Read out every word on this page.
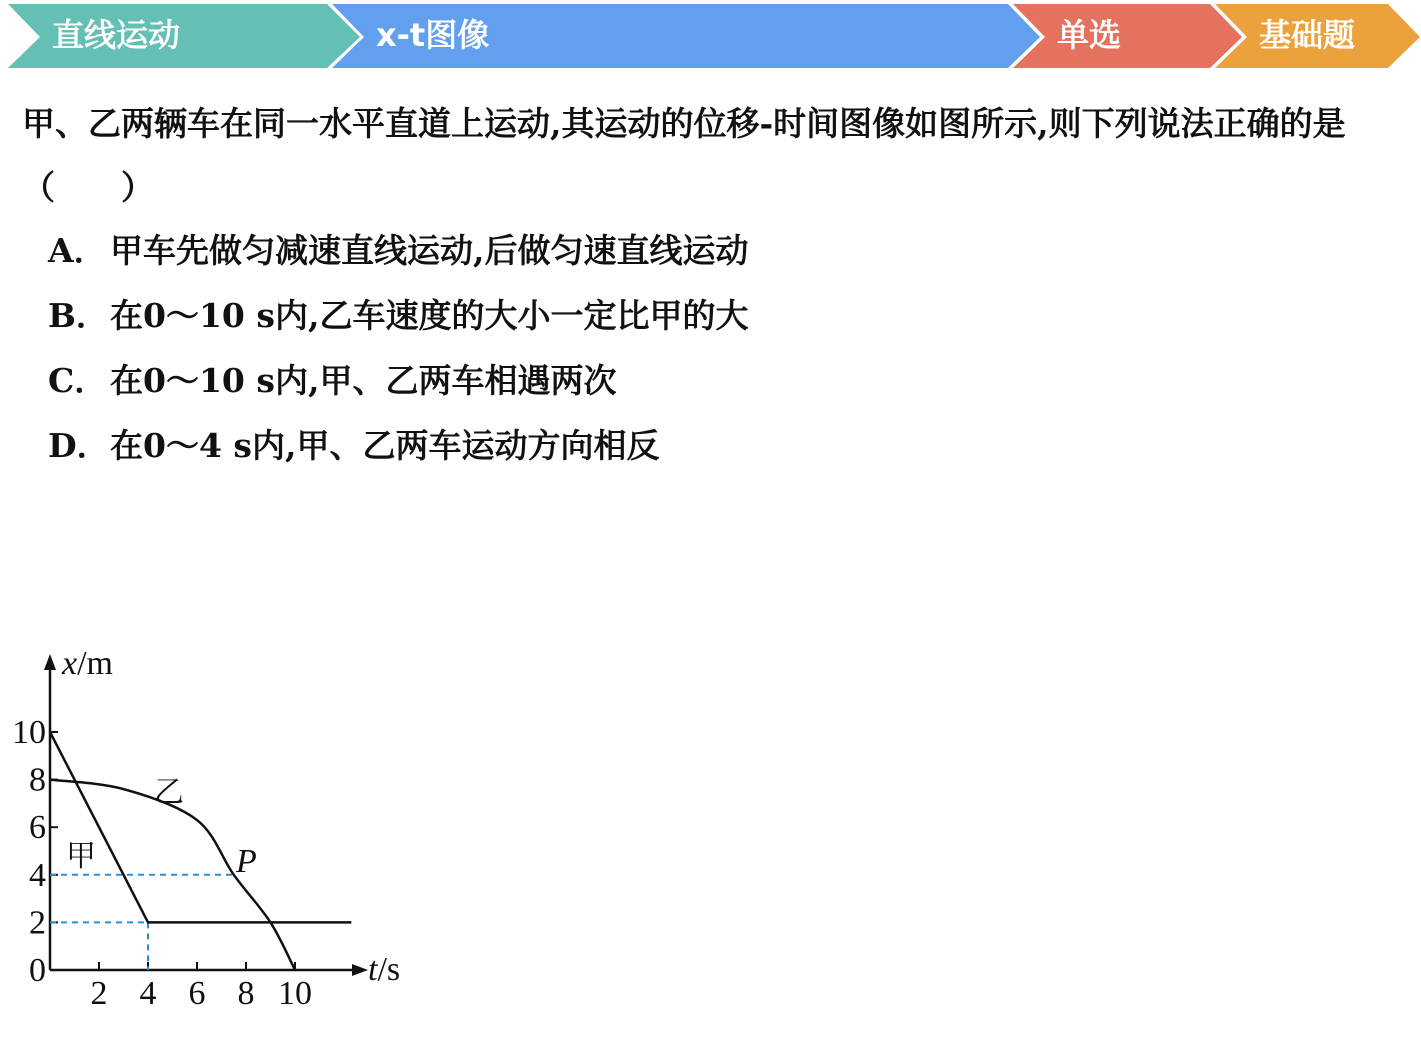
直线运动	x-t图像	单选	基础题
甲、乙两辆车在同一水平直道上运动,其运动的位移-时间图像如图所示,则下列说法正确的是（　　）
A． 甲车先做匀减速直线运动,后做匀速直线运动
B．在0～10 s内,乙车速度的大小一定比甲的大
C．在0～10 s内,甲、乙两车相遇两次
D．在0～4 s内,甲、乙两车运动方向相反
x/m
t/s
2 4 6 8 10
0
2
4
6
8
10
乙
甲	P
